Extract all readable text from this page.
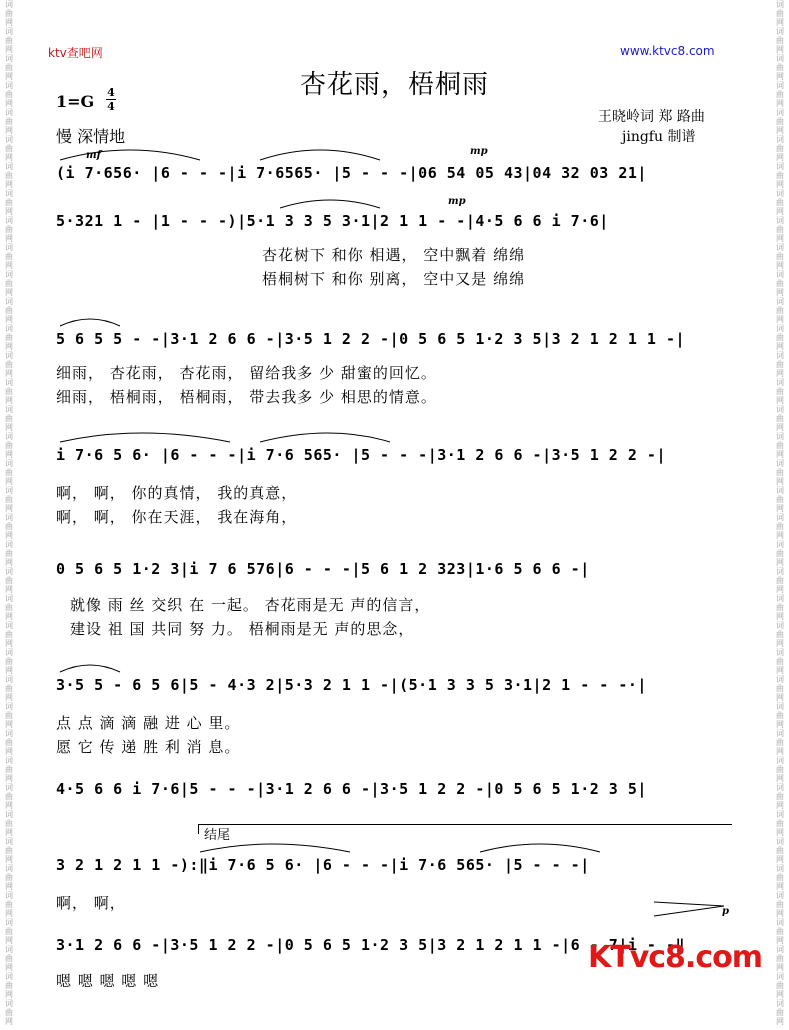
词
曲
网
词
曲
网
词
曲
网
词
曲
网
词
曲
网
词
曲
网
词
曲
网
词
曲
网
词
曲
网
词
曲
网
词
曲
网
词
曲
网
词
曲
网
词
曲
网
词
曲
网
词
曲
网
词
曲
网
词
曲
网
词
曲
网
词
曲
网
词
曲
网
词
曲
网
词
曲
网
词
曲
网
词
曲
网
词
曲
网
词
曲
网
词
曲
网
词
曲
网
词
曲
网
词
曲
网
词
曲
网
词
曲
网
词
曲
网
词
曲
网
词
曲
网
词
曲
网
词
曲
网
词
曲
网
词
曲
网
词
曲
网
词
曲
网
词
曲
网
词
曲
网
词
曲
网
词
曲
网
词
曲
网
词
曲
网
词
曲
网
词
曲
网
词
曲
网
词
曲
网
词
曲
网
词
曲
网
词
曲
网
词
曲
网
词
曲
网
词
曲
网
词
曲
网
词
曲
网
词
曲
网
词
曲
网
词
曲
网
词
曲
网
词
曲
网
词
曲
网
词
曲
网
词
曲
网
词
曲
网
词
曲
网
词
曲
网
词
曲
网
词
曲
网
词
曲
网
词
曲
网
词
曲
网
ktv查吧网	www.ktvc8.com
杏花雨，梧桐雨
1=G 4
4
慢 深情地
王晓岭词 郑 路曲
jingfu 制谱
mf	mp
mp
p
(i 7·656· |6 - - -|i 7·6565· |5 - - -|06 54 05 43|04 32 03 21|
5·321 1 - |1 - - -)|5·1 3 3 5 3·1|2 1 1 - -|4·5 6 6 i 7·6|
杏花树下 和你 相遇， 空中飘着 绵绵
梧桐树下 和你 别离， 空中又是 绵绵
5 6 5 5 - -|3·1 2 6 6 -|3·5 1 2 2 -|0 5 6 5 1·2 3 5|3 2 1 2 1 1 -|
细雨， 杏花雨， 杏花雨， 留给我多 少 甜蜜的回忆。
细雨， 梧桐雨， 梧桐雨， 带去我多 少 相思的情意。
i 7·6 5 6· |6 - - -|i 7·6 565· |5 - - -|3·1 2 6 6 -|3·5 1 2 2 -|
啊， 啊， 你的真情， 我的真意，
啊， 啊， 你在天涯， 我在海角，
0 5 6 5 1·2 3|i 7 6 576|6 - - -|5 6 1 2 323|1·6 5 6 6 -|
就像 雨 丝 交织 在 一起。 杏花雨是无 声的信言，
建设 祖 国 共同 努 力。 梧桐雨是无 声的思念，
3·5 5 - 6 5 6|5 - 4·3 2|5·3 2 1 1 -|(5·1 3 3 5 3·1|2 1 - - -·|
点 点 滴 滴 融 进 心 里。
愿 它 传 递 胜 利 消 息。
4·5 6 6 i 7·6|5 - - -|3·1 2 6 6 -|3·5 1 2 2 -|0 5 6 5 1·2 3 5|
结尾
3 2 1 2 1 1 -):‖i 7·6 5 6· |6 - - -|i 7·6 565· |5 - - -|
啊， 啊，
3·1 2 6 6 -|3·5 1 2 2 -|0 5 6 5 1·2 3 5|3 2 1 2 1 1 -|6 - 7|i - -‖
嗯 嗯 嗯 嗯 嗯
KTvc8.com
